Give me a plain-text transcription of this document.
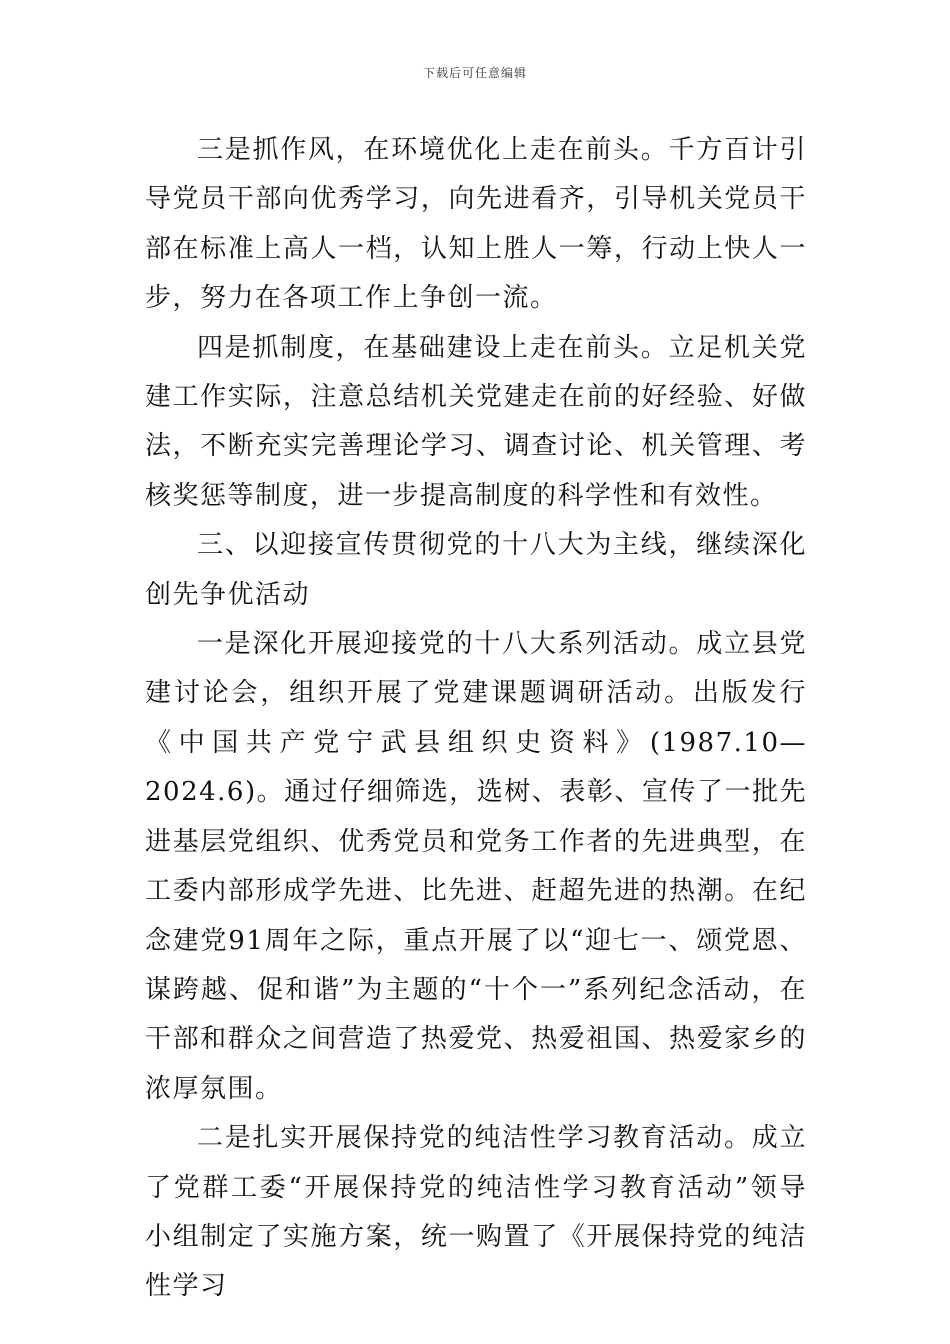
下载后可任意编辑

三是抓作风，在环境优化上走在前头。千方百计引导党员干部向优秀学习，向先进看齐，引导机关党员干部在标准上高人一档，认知上胜人一筹，行动上快人一步，努力在各项工作上争创一流。

四是抓制度，在基础建设上走在前头。立足机关党建工作实际，注意总结机关党建走在前的好经验、好做法，不断充实完善理论学习、调查讨论、机关管理、考核奖惩等制度，进一步提高制度的科学性和有效性。

三、以迎接宣传贯彻党的十八大为主线，继续深化创先争优活动

一是深化开展迎接党的十八大系列活动。成立县党建讨论会，组织开展了党建课题调研活动。出版发行《中国共产党宁武县组织史资料》(1987.10—2024.6)。通过仔细筛选，选树、表彰、宣传了一批先进基层党组织、优秀党员和党务工作者的先进典型，在工委内部形成学先进、比先进、赶超先进的热潮。在纪念建党91周年之际，重点开展了以“迎七一、颂党恩、谋跨越、促和谐”为主题的“十个一”系列纪念活动，在干部和群众之间营造了热爱党、热爱祖国、热爱家乡的浓厚氛围。

二是扎实开展保持党的纯洁性学习教育活动。成立了党群工委“开展保持党的纯洁性学习教育活动”领导小组制定了实施方案，统一购置了《开展保持党的纯洁性学习
